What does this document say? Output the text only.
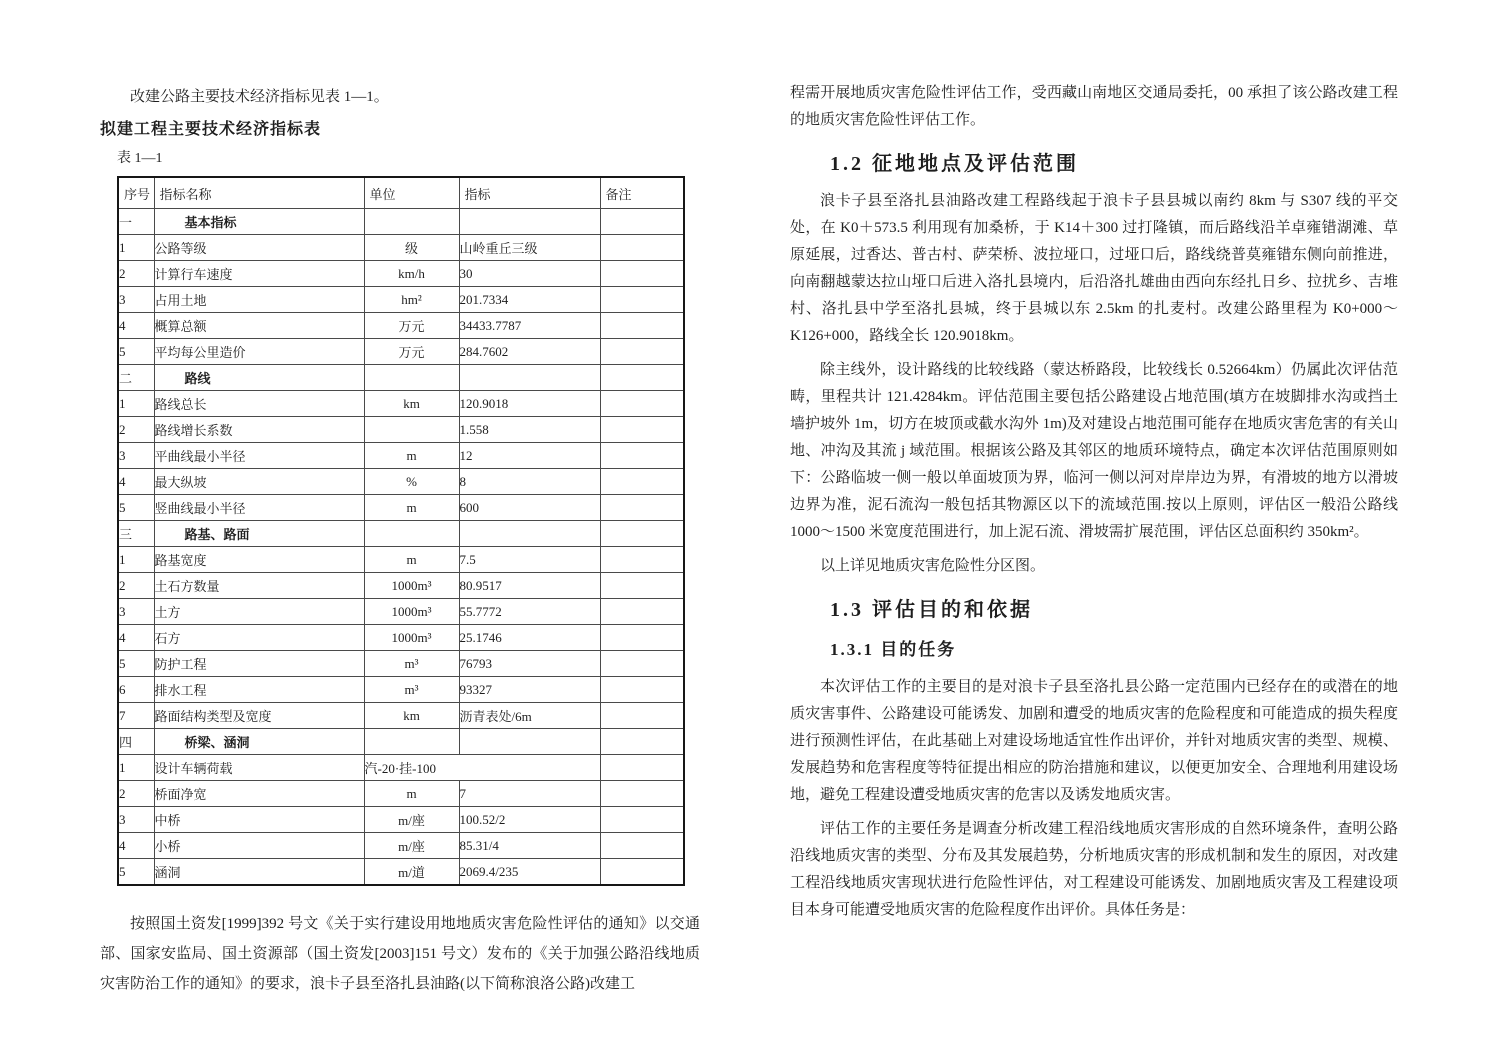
改建公路主要技术经济指标见表 1—1。

拟建工程主要技术经济指标表

表 1—1

序号	指标名称	单位	指标	备注
一	基本指标			
1	公路等级	级	山岭重丘三级	
2	计算行车速度	km/h	30	
3	占用土地	hm²	201.7334	
4	概算总额	万元	34433.7787	
5	平均每公里造价	万元	284.7602	
二	路线			
1	路线总长	km	120.9018	
2	路线增长系数		1.558	
3	平曲线最小半径	m	12	
4	最大纵坡	%	8	
5	竖曲线最小半径	m	600	
三	路基、路面			
1	路基宽度	m	7.5	
2	土石方数量	1000m³	80.9517	
3	土方	1000m³	55.7772	
4	石方	1000m³	25.1746	
5	防护工程	m³	76793	
6	排水工程	m³	93327	
7	路面结构类型及宽度	km	沥青表处/6m	
四	桥梁、涵洞			
1	设计车辆荷载	汽-20·挂-100		
2	桥面净宽	m	7	
3	中桥	m/座	100.52/2	
4	小桥	m/座	85.31/4	
5	涵洞	m/道	2069.4/235	

按照国土资发[1999]392 号文《关于实行建设用地地质灾害危险性评估的通知》以交通部、国家安监局、国土资源部（国土资发[2003]151 号文）发布的《关于加强公路沿线地质灾害防治工作的通知》的要求，浪卡子县至洛扎县油路(以下简称浪洛公路)改建工

程需开展地质灾害危险性评估工作，受西藏山南地区交通局委托，00 承担了该公路改建工程的地质灾害危险性评估工作。

1.2 征地地点及评估范围

浪卡子县至洛扎县油路改建工程路线起于浪卡子县县城以南约 8km 与 S307 线的平交处，在 K0＋573.5 利用现有加桑桥，于 K14＋300 过打隆镇，而后路线沿羊卓雍错湖滩、草原延展，过香达、普古村、萨荣桥、波拉垭口，过垭口后，路线绕普莫雍错东侧向前推进，向南翻越蒙达拉山垭口后进入洛扎县境内，后沿洛扎雄曲由西向东经扎日乡、拉扰乡、吉堆村、洛扎县中学至洛扎县城，终于县城以东 2.5km 的扎麦村。改建公路里程为 K0+000～K126+000，路线全长 120.9018km。

除主线外，设计路线的比较线路（蒙达桥路段，比较线长 0.52664km）仍属此次评估范畴，里程共计 121.4284km。评估范围主要包括公路建设占地范围(填方在坡脚排水沟或挡土墙护坡外 1m，切方在坡顶或截水沟外 1m)及对建设占地范围可能存在地质灾害危害的有关山地、冲沟及其流 j 域范围。根据该公路及其邻区的地质环境特点，确定本次评估范围原则如下：公路临坡一侧一般以单面坡顶为界，临河一侧以河对岸岸边为界，有滑坡的地方以滑坡边界为准，泥石流沟一般包括其物源区以下的流域范围.按以上原则，评估区一般沿公路线 1000～1500 米宽度范围进行，加上泥石流、滑坡需扩展范围，评估区总面积约 350km²。

以上详见地质灾害危险性分区图。

1.3 评估目的和依据
1.3.1 目的任务

本次评估工作的主要目的是对浪卡子县至洛扎县公路一定范围内已经存在的或潜在的地质灾害事件、公路建设可能诱发、加剧和遭受的地质灾害的危险程度和可能造成的损失程度进行预测性评估，在此基础上对建设场地适宜性作出评价，并针对地质灾害的类型、规模、发展趋势和危害程度等特征提出相应的防治措施和建议，以便更加安全、合理地利用建设场地，避免工程建设遭受地质灾害的危害以及诱发地质灾害。

评估工作的主要任务是调查分析改建工程沿线地质灾害形成的自然环境条件，查明公路沿线地质灾害的类型、分布及其发展趋势，分析地质灾害的形成机制和发生的原因，对改建工程沿线地质灾害现状进行危险性评估，对工程建设可能诱发、加剧地质灾害及工程建设项目本身可能遭受地质灾害的危险程度作出评价。具体任务是：
